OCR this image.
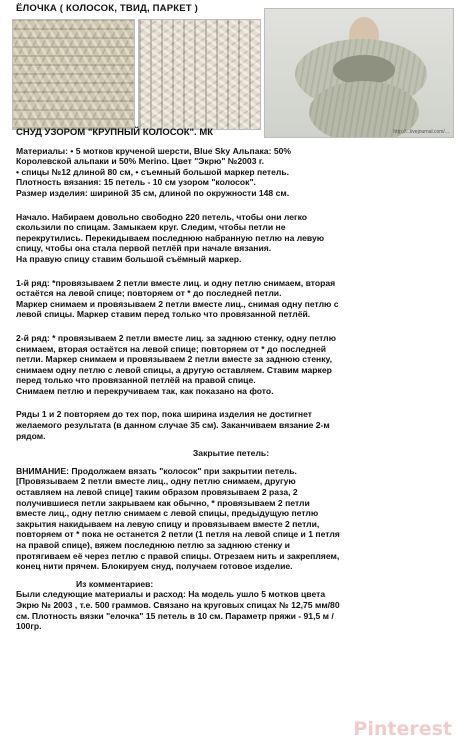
ЁЛОЧКА ( КОЛОСОК, ТВИД, ПАРКЕТ )
http://...livejournal.com/...

СНУД УЗОРОМ "КРУПНЫЙ КОЛОСОК". МК

Материалы: • 5 мотков крученой шерсти, Blue Sky Альпака: 50%
Королевской альпаки и 50% Merino. Цвет "Экрю" №2003 г.
• спицы №12 длиной 80 см, • съемный большой маркер петель.
Плотность вязания: 15 петель - 10 см узором "колосок".
Размер изделия: шириной 35 см, длиной по окружности 148 см.

Начало. Набираем довольно свободно 220 петель, чтобы они легко
скользили по спицам. Замыкаем круг. Следим, чтобы петли не
перекрутились. Перекидываем последнюю набранную петлю на левую
спицу, чтобы она стала первой петлёй при начале вязания.
На правую спицу ставим большой съёмный маркер.

1-й ряд: *провязываем 2 петли вместе лиц. и одну петлю снимаем, вторая
остаётся на левой спице; повторяем от * до последней петли.
Маркер снимаем и провязываем 2 петли вместе лиц., снимая одну петлю с
левой спицы. Маркер ставим перед только что провязанной петлёй.

2-й ряд: * провязываем 2 петли вместе лиц. за заднюю стенку, одну петлю
снимаем, вторая остаётся на левой спице; повторяем от * до последней
петли. Маркер снимаем и провязываем 2 петли вместе за заднюю стенку,
снимаем одну петлю с левой спицы, а другую оставляем. Ставим маркер
перед только что провязанной петлёй на правой спице.
Снимаем петлю и перекручиваем так, как показано на фото.

Ряды 1 и 2 повторяем до тех пор, пока ширина изделия не достигнет
желаемого результата (в данном случае 35 см). Заканчиваем вязание 2-м
рядом.

Закрытие петель:

ВНИМАНИЕ: Продолжаем вязать "колосок" при закрытии петель.
[Провязываем 2 петли вместе лиц., одну петлю снимаем, другую
оставляем на левой спице] таким образом провязываем 2 раза, 2
получившиеся петли закрываем как обычно, * провязываем 2 петли
вместе лиц., одну петлю снимаем с левой спицы, предыдущую петлю
закрытия накидываем на левую спицу и провязываем вместе 2 петли,
повторяем от * пока не останется 2 петли (1 петля на левой спице и 1 петля
на правой спице), вяжем последнюю петлю за заднюю стенку и
протягиваем её через петлю с правой спицы. Отрезаем нить и закрепляем,
конец нити прячем. Блокируем снуд, получаем готовое изделие.

Из комментариев:

Были следующие материалы и расход: На модель ушло 5 мотков цвета
Экрю № 2003 , т.е. 500 граммов. Связано на круговых спицах № 12,75 мм/80
см. Плотность вязки "елочка" 15 петель в 10 см. Параметр пряжи - 91,5 м /
100гр.

Pinterest
